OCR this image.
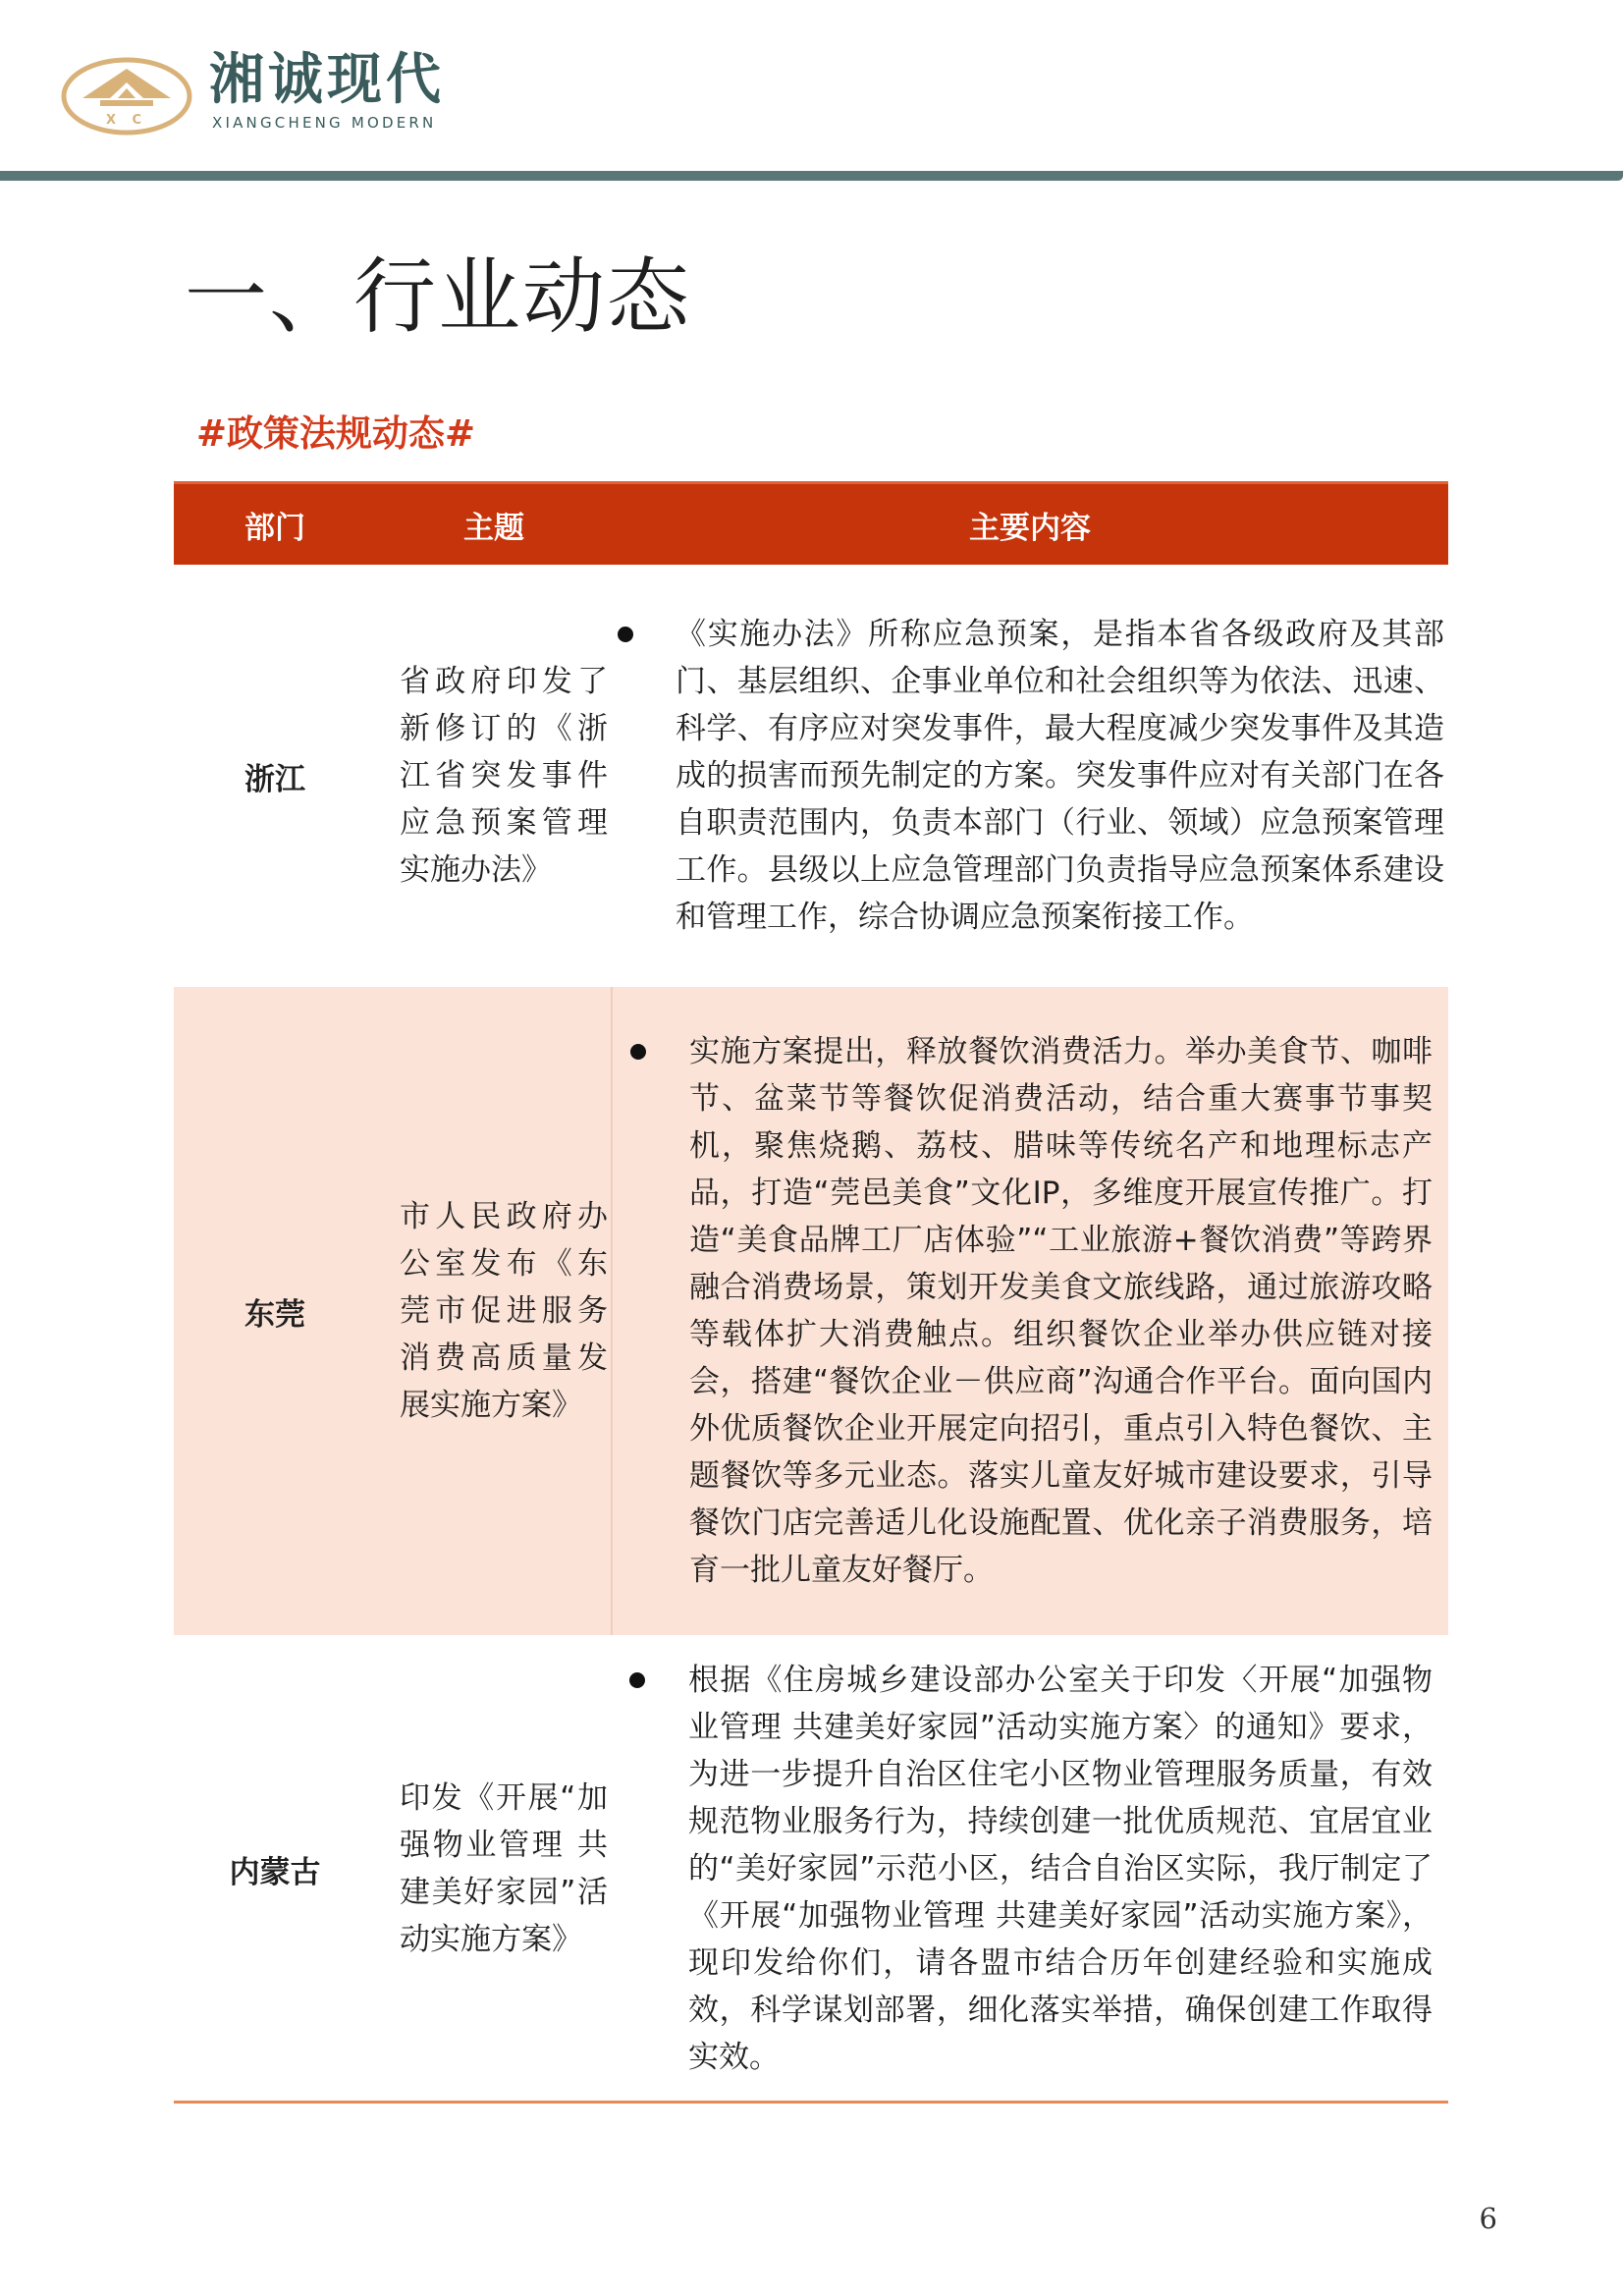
X C
湘诚现代
XIANGCHENG MODERN
一、行业动态
#政策法规动态#
部门	主题	主要内容
浙江	省政府印发了新修订的《浙江省突发事件应急预案管理实施办法》	《实施办法》所称应急预案，是指本省各级政府及其部门、基层组织、企事业单位和社会组织等为依法、迅速、科学、有序应对突发事件，最大程度减少突发事件及其造成的损害而预先制定的方案。突发事件应对有关部门在各自职责范围内，负责本部门（行业、领域）应急预案管理工作。县级以上应急管理部门负责指导应急预案体系建设和管理工作，综合协调应急预案衔接工作。

东莞	市人民政府办公室发布《东莞市促进服务消费高质量发展实施方案》	实施方案提出，释放餐饮消费活力。举办美食节、咖啡节、盆菜节等餐饮促消费活动，结合重大赛事节事契机，聚焦烧鹅、荔枝、腊味等传统名产和地理标志产品，打造“莞邑美食”文化IP，多维度开展宣传推广。打造“美食品牌工厂店体验”“工业旅游+餐饮消费”等跨界融合消费场景，策划开发美食文旅线路，通过旅游攻略等载体扩大消费触点。组织餐饮企业举办供应链对接会，搭建“餐饮企业－供应商”沟通合作平台。面向国内外优质餐饮企业开展定向招引，重点引入特色餐饮、主题餐饮等多元业态。落实儿童友好城市建设要求，引导餐饮门店完善适儿化设施配置、优化亲子消费服务，培育一批儿童友好餐厅。

内蒙古	印发《开展“加强物业管理 共建美好家园”活动实施方案》	根据《住房城乡建设部办公室关于印发〈开展“加强物业管理 共建美好家园”活动实施方案〉的通知》要求，为进一步提升自治区住宅小区物业管理服务质量，有效规范物业服务行为，持续创建一批优质规范、宜居宜业的“美好家园”示范小区，结合自治区实际，我厅制定了《开展“加强物业管理 共建美好家园”活动实施方案》，现印发给你们，请各盟市结合历年创建经验和实施成效，科学谋划部署，细化落实举措，确保创建工作取得实效。
6
